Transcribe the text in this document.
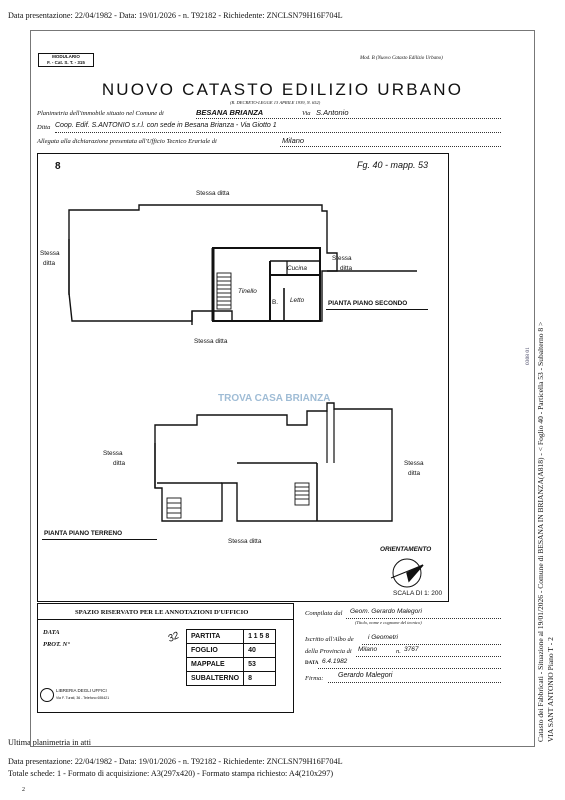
Data presentazione: 22/04/1982 - Data: 19/01/2026 - n. T92182 - Richiedente: ZNCLSN79H16F704L
Ultima planimetria in atti
Data presentazione: 22/04/1982 - Data: 19/01/2026 - n. T92182 - Richiedente: ZNCLSN79H16F704L
Totale schede: 1 - Formato di acquisizione: A3(297x420) - Formato stampa richiesto: A4(210x297)
2
Catasto dei Fabbricati - Situazione al 19/01/2026 - Comune di BESANA IN BRIANZA(A818) - < Foglio 40 - Particella 53 - Subalterno 8 > VIA SANT ANTONIO Piano T - 2
0308 01
MODULARIO
F. - Cat. S. T. - 315
Mod. B (Nuovo Catasto Edilizio Urbano)
NUOVO CATASTO EDILIZIO URBANO
(R. DECRETO-LEGGE 13 APRILE 1939, N. 652)
Planimetria dell'immobile situato nel Comune di	BESANA BRIANZA	Via S.Antonio
Ditta Coop. Edif. S.ANTONIO s.r.l. con sede in Besana Brianza - Via Giotto 1
Allegata alla dichiarazione presentata all'Ufficio Tecnico Erariale di	Milano
8	Fg. 40 - mapp. 53
TROVA CASA BRIANZA
Stessa ditta
Stessa
ditta
Stessa
ditta
Cucina
Tinello
Letto
B.	PIANTA PIANO SECONDO
Stessa ditta
Stessa
ditta	Stessa
ditta
PIANTA PIANO TERRENO
Stessa ditta
ORIENTAMENTO
SCALA DI 1: 200
SPAZIO RISERVATO PER LE ANNOTAZIONI D'UFFICIO
DATA
PROT. N°	32 PARTITA	1158
FOGLIO	40
MAPPALE	53
SUBALTERNO	8
LIBRERIA DEGLI UFFICI
Via F. Turati, 36 - Telefono 655421
Compilata dal Geom. Gerardo Malegori
(Titolo, nome e cognome del tecnico)
Iscritto all'Albo de i Geometri
della Provincia di Milano	n. 3767
DATA 6.4.1982
Firma: Gerardo Malegori
